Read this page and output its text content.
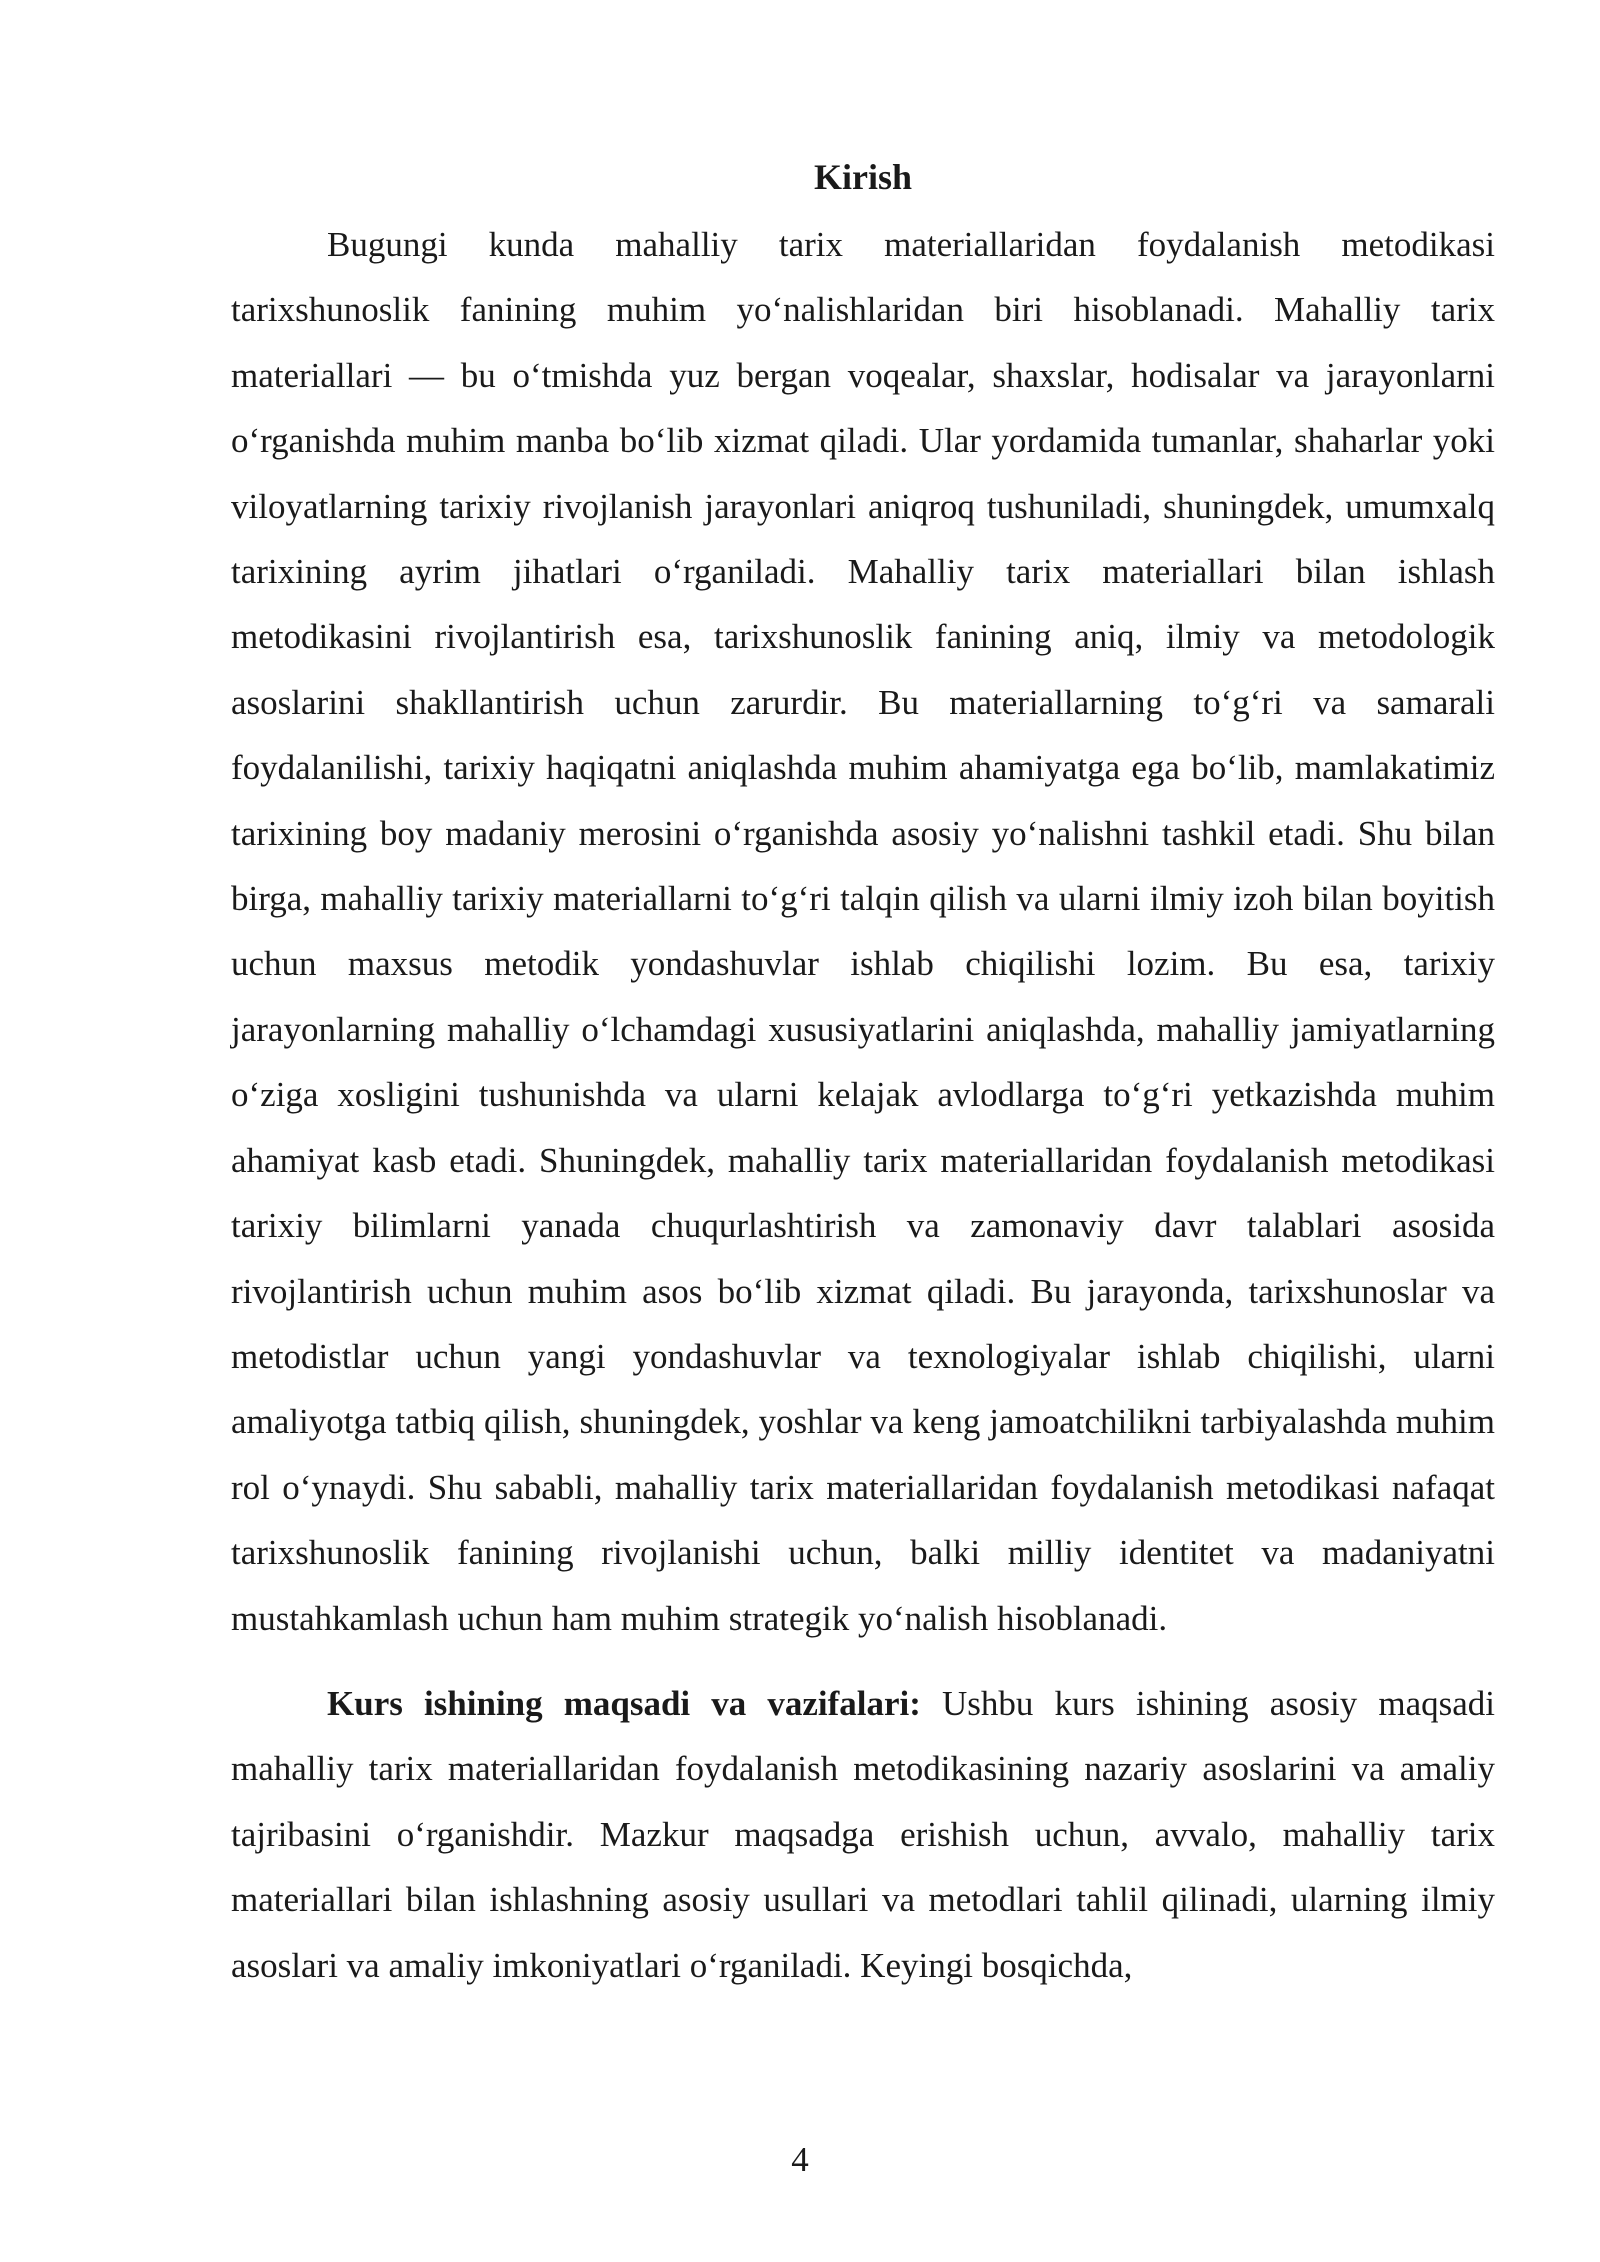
Kirish

Bugungi kunda mahalliy tarix materiallaridan foydalanish metodikasi tarixshunoslik fanining muhim yoʻnalishlaridan biri hisoblanadi. Mahalliy tarix materiallari — bu oʻtmishda yuz bergan voqealar, shaxslar, hodisalar va jarayonlarni oʻrganishda muhim manba boʻlib xizmat qiladi. Ular yordamida tumanlar, shaharlar yoki viloyatlarning tarixiy rivojlanish jarayonlari aniqroq tushuniladi, shuningdek, umumxalq tarixining ayrim jihatlari oʻrganiladi. Mahalliy tarix materiallari bilan ishlash metodikasini rivojlantirish esa, tarixshunoslik fanining aniq, ilmiy va metodologik asoslarini shakllantirish uchun zarurdir. Bu materiallarning toʻgʻri va samarali foydalanilishi, tarixiy haqiqatni aniqlashda muhim ahamiyatga ega boʻlib, mamlakatimiz tarixining boy madaniy merosini oʻrganishda asosiy yoʻnalishni tashkil etadi. Shu bilan birga, mahalliy tarixiy materiallarni toʻgʻri talqin qilish va ularni ilmiy izoh bilan boyitish uchun maxsus metodik yondashuvlar ishlab chiqilishi lozim. Bu esa, tarixiy jarayonlarning mahalliy oʻlchamdagi xususiyatlarini aniqlashda, mahalliy jamiyatlarning oʻziga xosligini tushunishda va ularni kelajak avlodlarga toʻgʻri yetkazishda muhim ahamiyat kasb etadi. Shuningdek, mahalliy tarix materiallaridan foydalanish metodikasi tarixiy bilimlarni yanada chuqurlashtirish va zamonaviy davr talablari asosida rivojlantirish uchun muhim asos boʻlib xizmat qiladi. Bu jarayonda, tarixshunoslar va metodistlar uchun yangi yondashuvlar va texnologiyalar ishlab chiqilishi, ularni amaliyotga tatbiq qilish, shuningdek, yoshlar va keng jamoatchilikni tarbiyalashda muhim rol oʻynaydi. Shu sababli, mahalliy tarix materiallaridan foydalanish metodikasi nafaqat tarixshunoslik fanining rivojlanishi uchun, balki milliy identitet va madaniyatni mustahkamlash uchun ham muhim strategik yoʻnalish hisoblanadi.

Kurs ishining maqsadi va vazifalari: Ushbu kurs ishining asosiy maqsadi mahalliy tarix materiallaridan foydalanish metodikasining nazariy asoslarini va amaliy tajribasini oʻrganishdir. Mazkur maqsadga erishish uchun, avvalo, mahalliy tarix materiallari bilan ishlashning asosiy usullari va metodlari tahlil qilinadi, ularning ilmiy asoslari va amaliy imkoniyatlari oʻrganiladi. Keyingi bosqichda,

4
